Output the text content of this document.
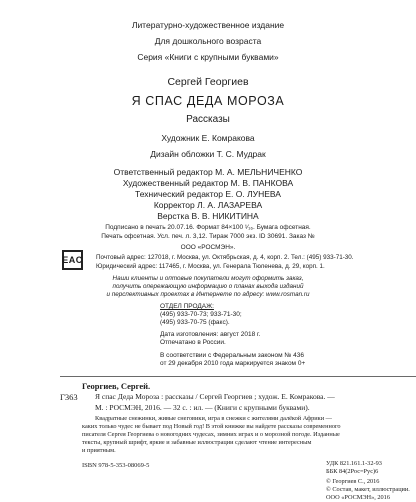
Литературно-художественное издание
Для дошкольного возраста
Серия «Книги с крупными буквами»
Сергей Георгиев
Я СПАС ДЕДА МОРОЗА
Рассказы
Художник Е. Комракова
Дизайн обложки Т. С. Мудрак
Ответственный редактор М. А. МЕЛЬНИЧЕНКО
Художественный редактор М. В. ПАНКОВА
Технический редактор Е. О. ЛУНЕВА
Корректор Л. А. ЛАЗАРЕВА
Верстка В. В. НИКИТИНА
Подписано в печать 20.07.16. Формат 84×100 ¹⁄₁₆. Бумага офсетная.
Печать офсетная. Усл. печ. л. 3,12. Тираж 7000 экз. ID 30691. Заказ №
EAC
ООО «РОСМЭН».
Почтовый адрес: 127018, г. Москва, ул. Октябрьская, д. 4, корп. 2. Тел.: (495) 933-71-30.
Юридический адрес: 117465, г. Москва, ул. Генерала Тюленева, д. 29, корп. 1.
Наши клиенты и оптовые покупатели могут оформить заказ,
получить опережающую информацию о планах выхода изданий
и перспективных проектах в Интернете по адресу: www.rosman.ru
ОТДЕЛ ПРОДАЖ:
(495) 933-70-73; 933-71-30;
(495) 933-70-75 (факс).
Дата изготовления: август 2018 г.
Отпечатано в России.
В соответствии с Федеральным законом № 436
от 29 декабря 2010 года маркируется знаком 0+
Георгиев, Сергей.
Г363 Я спас Деда Мороза : рассказы / Сергей Георгиев ; худож. Е. Комракова. —
М. : РОСМЭН, 2016. — 32 с. : ил. — (Книги с крупными буквами).
Квадратные снежинки, живые снеговики, игра в снежки с жителями далёкой Африки —
каких только чудес не бывает под Новый год! В этой книжке вы найдете рассказы современного
писателя Сергея Георгиева о новогодних чудесах, зимних играх и о морозной погоде. Изданные
тексты, крупный шрифт, яркие и забавные иллюстрации сделают чтение интересным
и приятным.
ISBN 978-5-353-08069-5	УДК 821.161.1-32-93
ББК 84(2Рос=Рус)6
© Георгиев С., 2016
© Состав, макет, иллюстрации.
ООО «РОСМЭН», 2016
